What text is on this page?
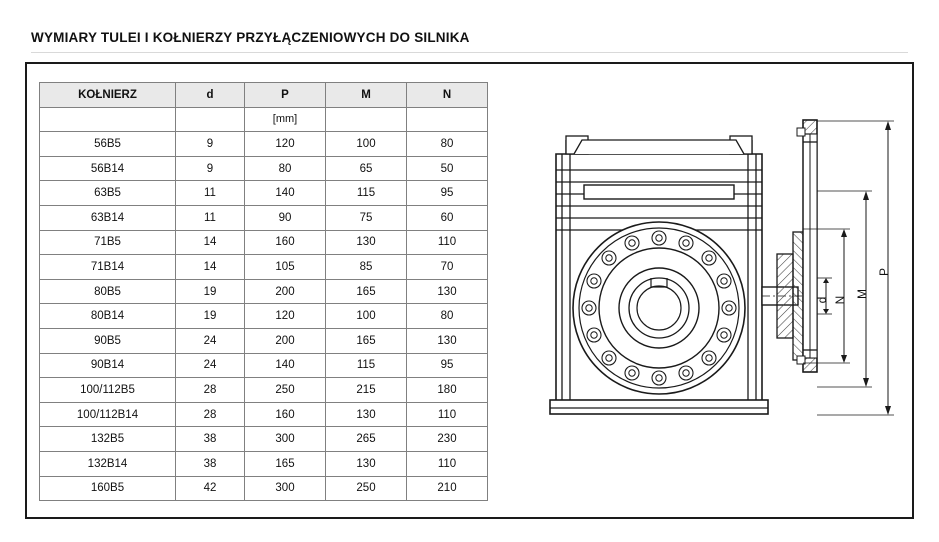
WYMIARY TULEI I KOŁNIERZY PRZYŁĄCZENIOWYCH DO SILNIKA
KOŁNIERZ	d	P	M	N
		[mm]		
56B5	9	120	100	80
56B14	9	80	65	50
63B5	11	140	115	95
63B14	11	90	75	60
71B5	14	160	130	110
71B14	14	105	85	70
80B5	19	200	165	130
80B14	19	120	100	80
90B5	24	200	165	130
90B14	24	140	115	95
100/112B5	28	250	215	180
100/112B14	28	160	130	110
132B5	38	300	265	230
132B14	38	165	130	110
160B5	42	300	250	210
d N
M
P
